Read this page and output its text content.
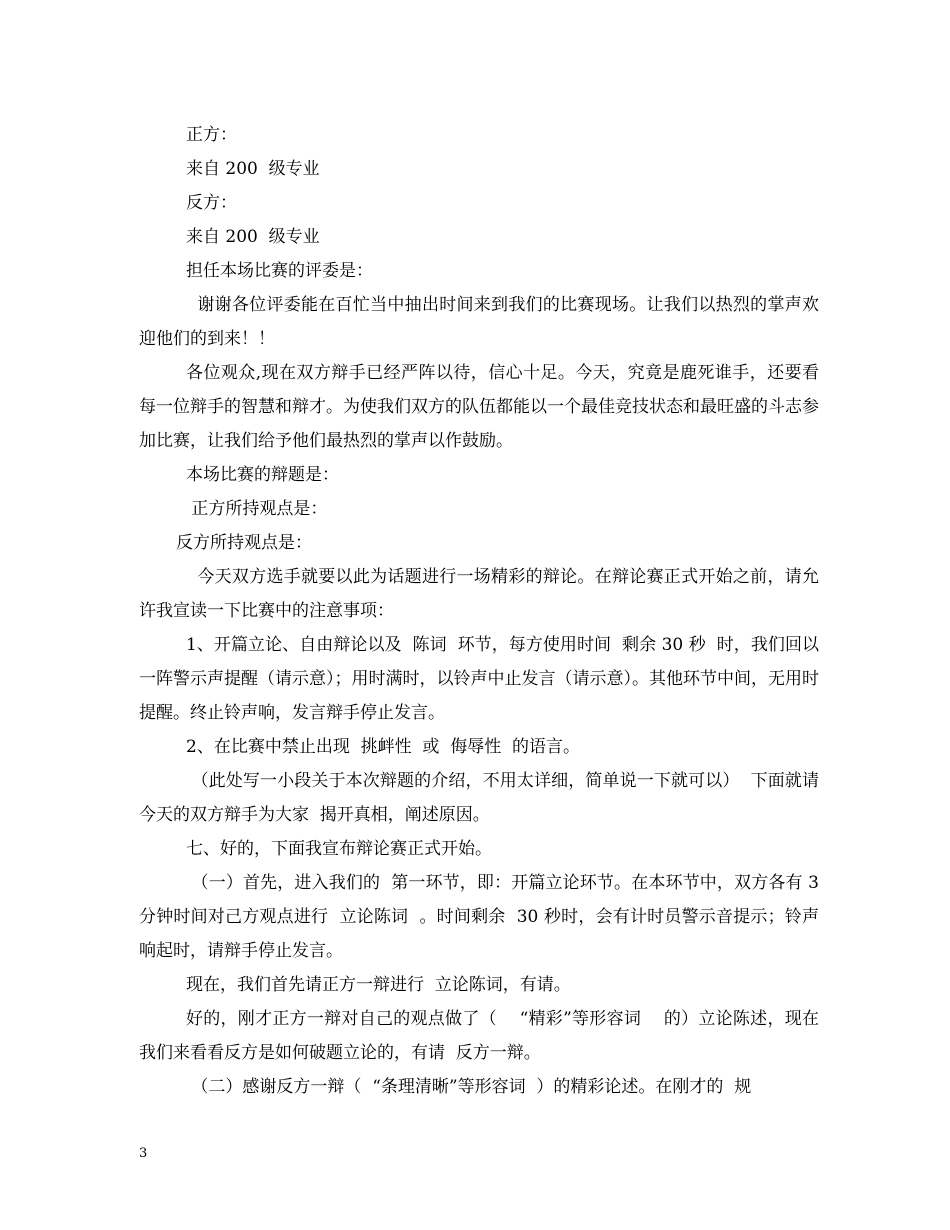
正方：

来自 200  级专业

反方：

来自 200  级专业

担任本场比赛的评委是：

谢谢各位评委能在百忙当中抽出时间来到我们的比赛现场。让我们以热烈的掌声欢迎他们的到来！！

各位观众,现在双方辩手已经严阵以待，信心十足。今天，究竟是鹿死谁手，还要看每一位辩手的智慧和辩才。为使我们双方的队伍都能以一个最佳竞技状态和最旺盛的斗志参加比赛，让我们给予他们最热烈的掌声以作鼓励。

本场比赛的辩题是：

正方所持观点是：

反方所持观点是：

今天双方选手就要以此为话题进行一场精彩的辩论。在辩论赛正式开始之前，请允许我宣读一下比赛中的注意事项：

1、开篇立论、自由辩论以及  陈词  环节，每方使用时间  剩余 30 秒  时，我们回以一阵警示声提醒（请示意）；用时满时，以铃声中止发言（请示意）。其他环节中间，无用时提醒。终止铃声响，发言辩手停止发言。

2、在比赛中禁止出现  挑衅性  或  侮辱性  的语言。

（此处写一小段关于本次辩题的介绍，不用太详细，简单说一下就可以）  下面就请今天的双方辩手为大家  揭开真相，阐述原因。

七、好的，下面我宣布辩论赛正式开始。

（一）首先，进入我们的  第一环节，即：开篇立论环节。在本环节中，双方各有 3 分钟时间对己方观点进行  立论陈词  。时间剩余  30 秒时，会有计时员警示音提示；铃声响起时，请辩手停止发言。

现在，我们首先请正方一辩进行  立论陈词，有请。

好的，刚才正方一辩对自己的观点做了（    “精彩”等形容词    的）立论陈述，现在我们来看看反方是如何破题立论的，有请  反方一辩。

（二）感谢反方一辩（  “条理清晰”等形容词  ）的精彩论述。在刚才的  规

3
